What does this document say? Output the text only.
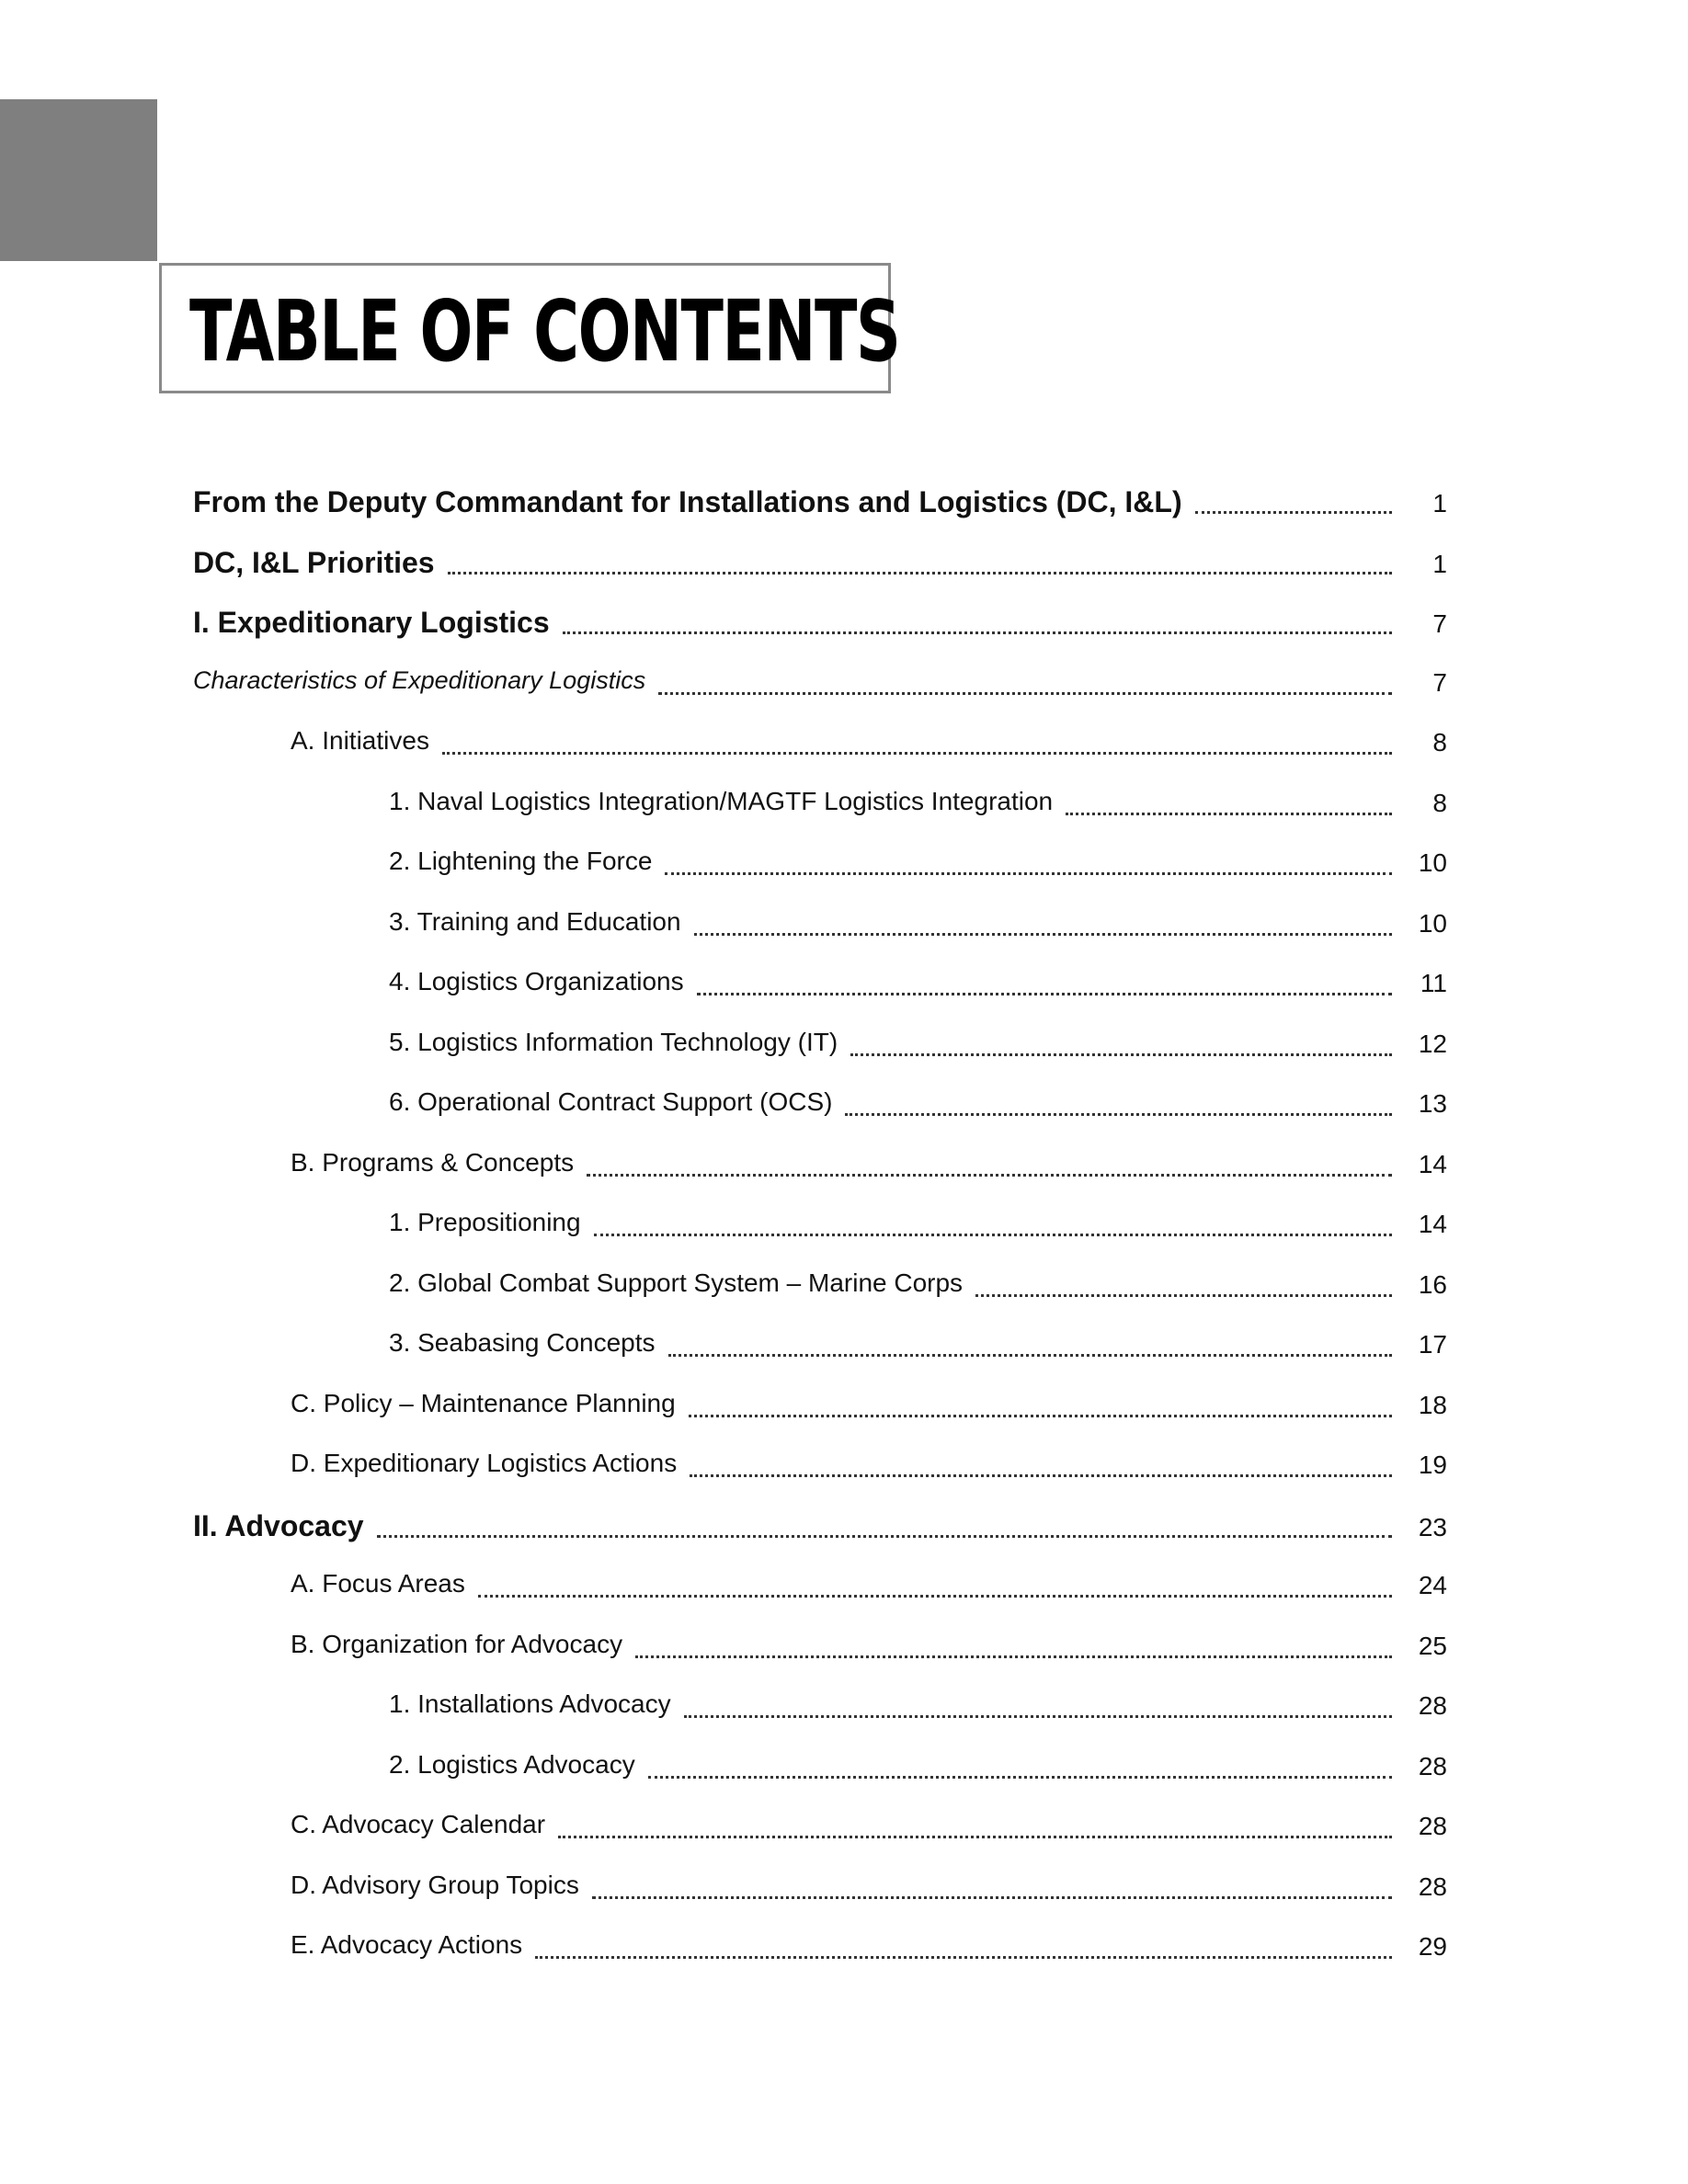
TABLE OF CONTENTS
From the Deputy Commandant for Installations and Logistics (DC, I&L)	1
DC, I&L Priorities	1
I. Expeditionary Logistics	7
Characteristics of Expeditionary Logistics	7
A. Initiatives	8
1. Naval Logistics Integration/MAGTF Logistics Integration	8
2. Lightening the Force	10
3. Training and Education	10
4. Logistics Organizations	11
5. Logistics Information Technology (IT)	12
6. Operational Contract Support (OCS)	13
B. Programs & Concepts	14
1. Prepositioning	14
2. Global Combat Support System – Marine Corps	16
3. Seabasing Concepts	17
C. Policy – Maintenance Planning	18
D. Expeditionary Logistics Actions	19
II. Advocacy	23
A. Focus Areas	24
B. Organization for Advocacy	25
1. Installations Advocacy	28
2. Logistics Advocacy	28
C. Advocacy Calendar	28
D. Advisory Group Topics	28
E. Advocacy Actions	29
